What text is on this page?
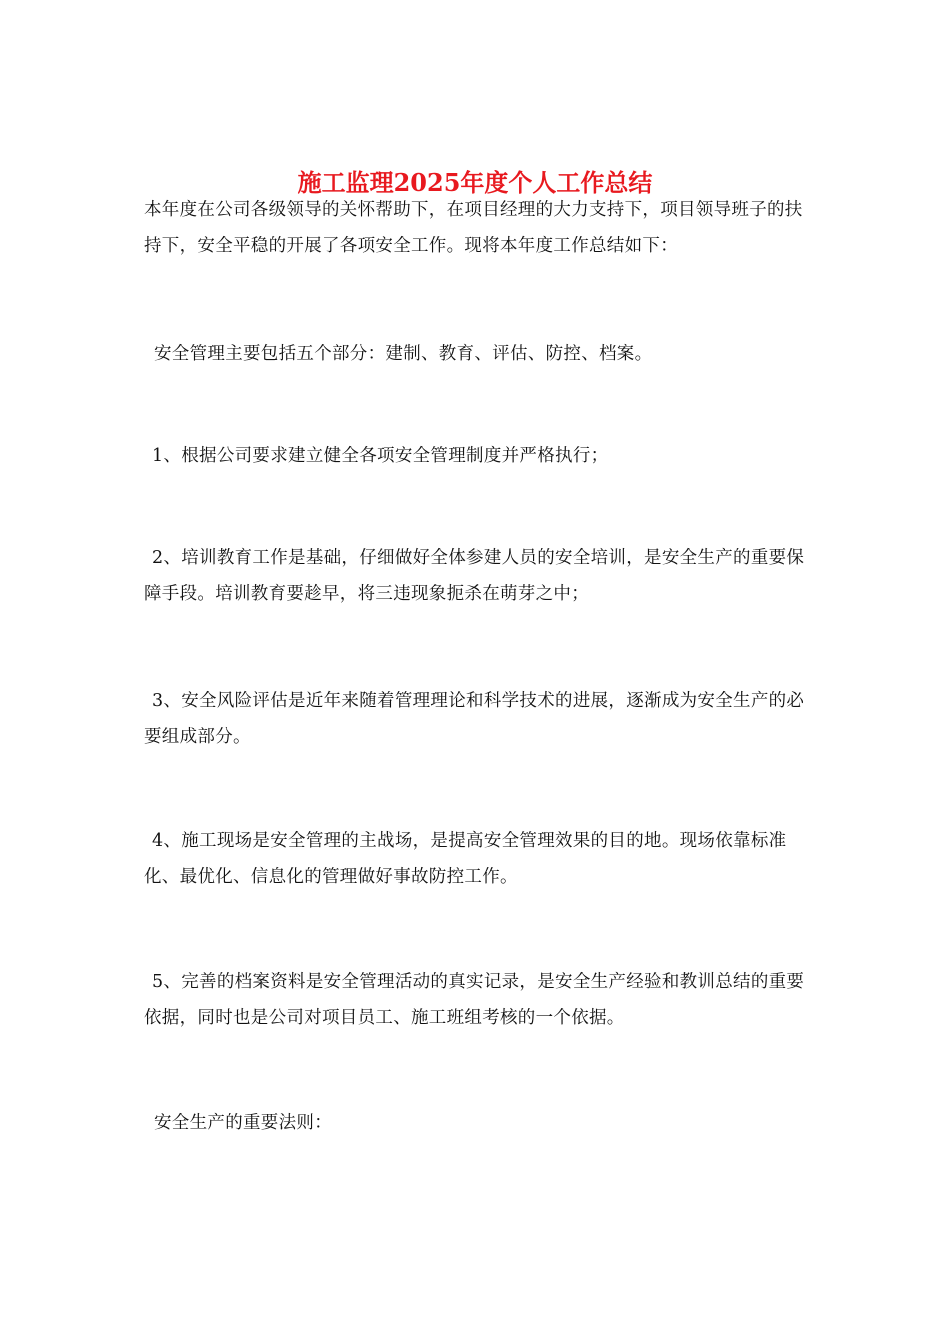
施工监理2025年度个人工作总结

本年度在公司各级领导的关怀帮助下，在项目经理的大力支持下，项目领导班子的扶持下，安全平稳的开展了各项安全工作。现将本年度工作总结如下：

安全管理主要包括五个部分：建制、教育、评估、防控、档案。

1、根据公司要求建立健全各项安全管理制度并严格执行；

2、培训教育工作是基础，仔细做好全体参建人员的安全培训，是安全生产的重要保障手段。培训教育要趁早，将三违现象扼杀在萌芽之中；

3、安全风险评估是近年来随着管理理论和科学技术的进展，逐渐成为安全生产的必要组成部分。

4、施工现场是安全管理的主战场，是提高安全管理效果的目的地。现场依靠标准化、最优化、信息化的管理做好事故防控工作。

5、完善的档案资料是安全管理活动的真实记录，是安全生产经验和教训总结的重要依据，同时也是公司对项目员工、施工班组考核的一个依据。

安全生产的重要法则：
